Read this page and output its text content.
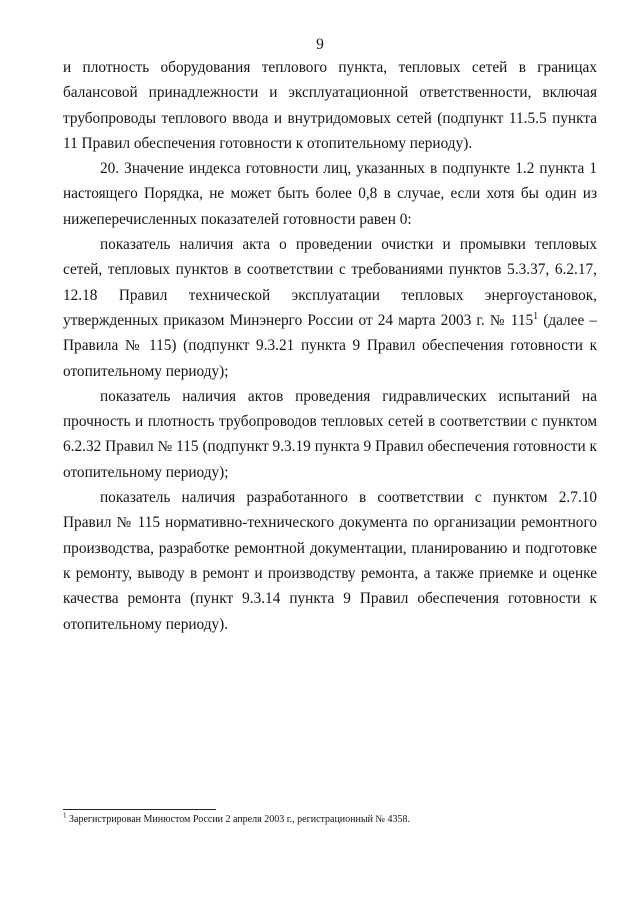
9

и плотность оборудования теплового пункта, тепловых сетей в границах балансовой принадлежности и эксплуатационной ответственности, включая трубопроводы теплового ввода и внутридомовых сетей (подпункт 11.5.5 пункта 11 Правил обеспечения готовности к отопительному периоду).

20. Значение индекса готовности лиц, указанных в подпункте 1.2 пункта 1 настоящего Порядка, не может быть более 0,8 в случае, если хотя бы один из нижеперечисленных показателей готовности равен 0:

показатель наличия акта о проведении очистки и промывки тепловых сетей, тепловых пунктов в соответствии с требованиями пунктов 5.3.37, 6.2.17, 12.18 Правил технической эксплуатации тепловых энергоустановок, утвержденных приказом Минэнерго России от 24 марта 2003 г. № $115^1$ (далее – Правила № 115) (подпункт 9.3.21 пункта 9 Правил обеспечения готовности к отопительному периоду);

показатель наличия актов проведения гидравлических испытаний на прочность и плотность трубопроводов тепловых сетей в соответствии с пунктом 6.2.32 Правил № 115 (подпункт 9.3.19 пункта 9 Правил обеспечения готовности к отопительному периоду);

показатель наличия разработанного в соответствии с пунктом 2.7.10 Правил № 115 нормативно-технического документа по организации ремонтного производства, разработке ремонтной документации, планированию и подготовке к ремонту, выводу в ремонт и производству ремонта, а также приемке и оценке качества ремонта (пункт 9.3.14 пункта 9 Правил обеспечения готовности к отопительному периоду).

$^1$ Зарегистрирован Минюстом России 2 апреля 2003 г., регистрационный № 4358.
